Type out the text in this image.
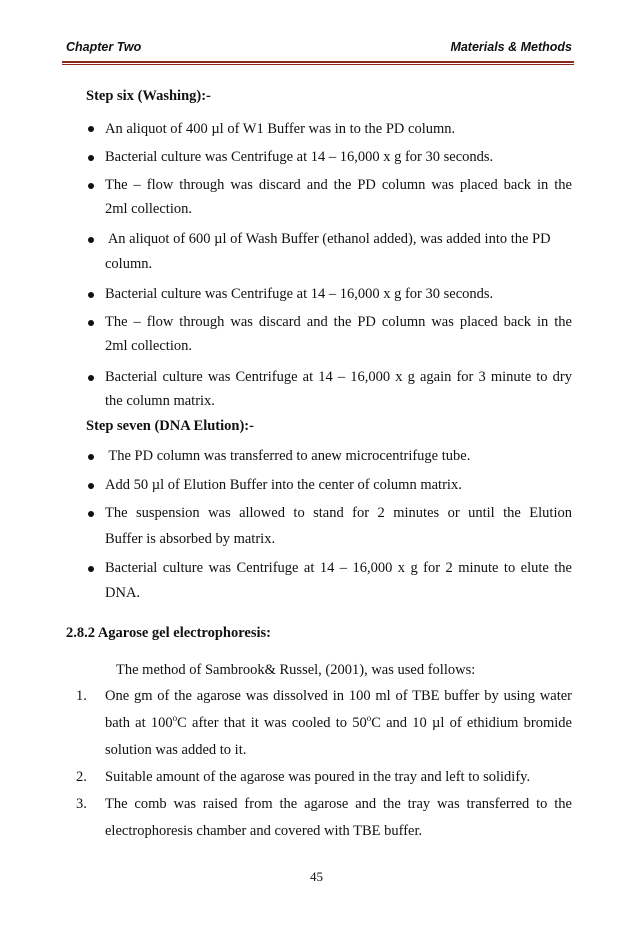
Chapter Two	Materials & Methods
Step six (Washing):-
An aliquot of 400 µl of W1 Buffer was in to the PD column.
Bacterial culture was Centrifuge at 14 – 16,000 x g for 30 seconds.
The – flow through was discard and the PD column was placed back in the
2ml collection.
An aliquot of 600 µl of Wash Buffer (ethanol added), was added into the PD
column.
Bacterial culture was Centrifuge at 14 – 16,000 x g for 30 seconds.
The – flow through was discard and the PD column was placed back in the
2ml collection.
Bacterial culture was Centrifuge at 14 – 16,000 x g again for 3 minute to dry
the column matrix.
Step seven (DNA Elution):-
The PD column was transferred to anew microcentrifuge tube.
Add 50 µl of Elution Buffer into the center of column matrix.
The suspension was allowed to stand for 2 minutes or until the Elution
Buffer is absorbed by matrix.
Bacterial culture was Centrifuge at 14 – 16,000 x g for 2 minute to elute the
DNA.
2.8.2 Agarose gel electrophoresis:
The method of Sambrook& Russel, (2001), was used follows:
1. One gm of the agarose was dissolved in 100 ml of TBE buffer by using water
bath at 100$^o$C after that it was cooled to 50$^o$C and 10 µl of ethidium bromide
solution was added to it.
2. Suitable amount of the agarose was poured in the tray and left to solidify.
3. The comb was raised from the agarose and the tray was transferred to the
electrophoresis chamber and covered with TBE buffer.
45
